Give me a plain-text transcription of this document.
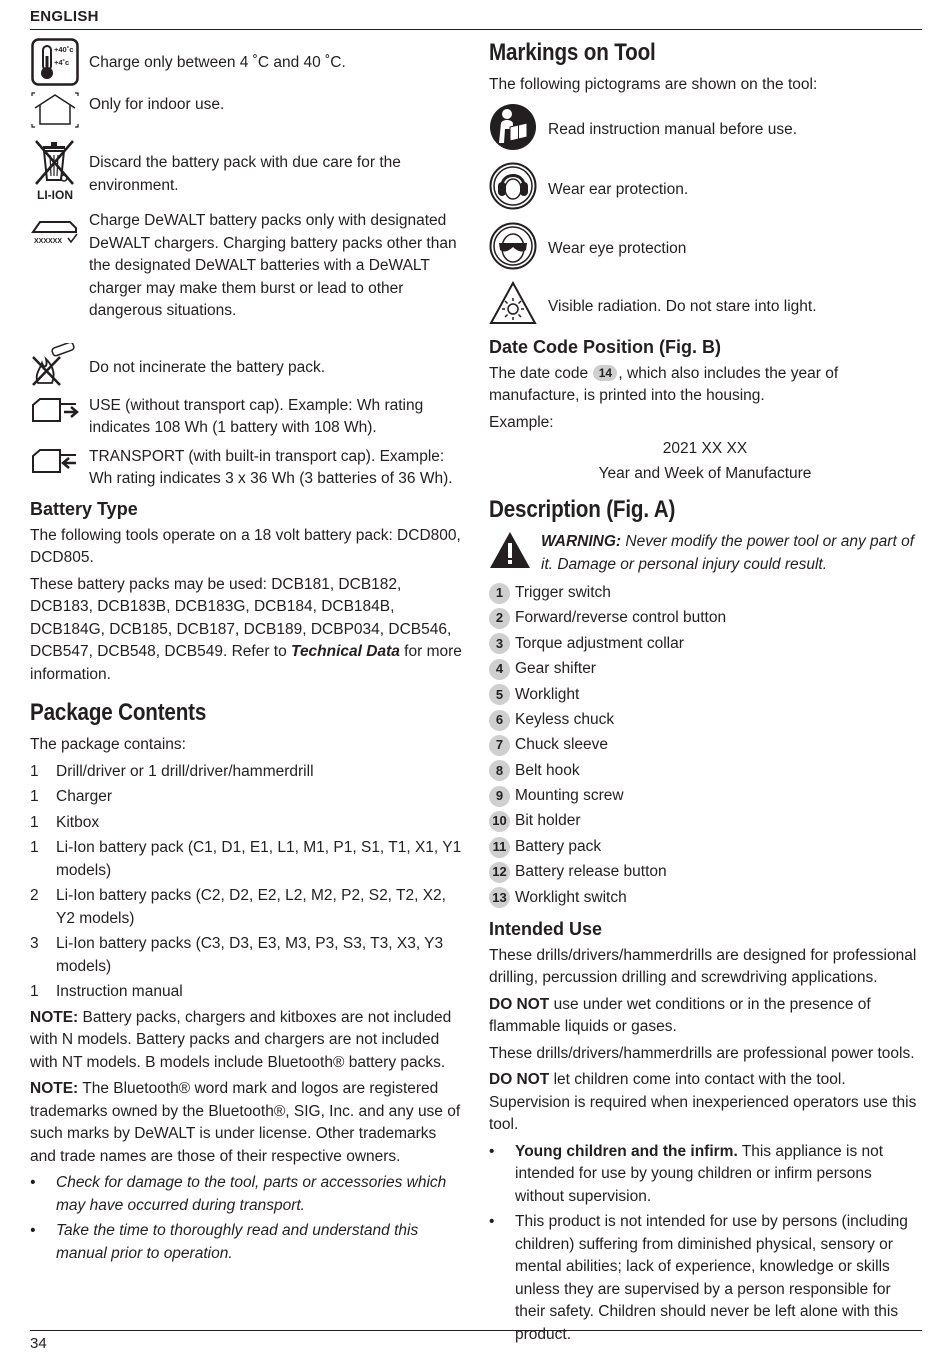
ENGLISH
+40˚c
+4˚c Charge only between 4 ˚C and 40 ˚C.
Only for indoor use.
LI-ION
Discard the battery pack with due care for the environment.
XXXXXX
Charge DeWALT battery packs only with designated DeWALT chargers. Charging battery packs other than the designated DeWALT batteries with a DeWALT charger may make them burst or lead to other dangerous situations.
Do not incinerate the battery pack.
USE (without transport cap). Example: Wh rating indicates 108 Wh (1 battery with 108 Wh).
TRANSPORT (with built-in transport cap). Example: Wh rating indicates 3 x 36 Wh (3 batteries of 36 Wh).
Battery Type

The following tools operate on a 18 volt battery pack: DCD800, DCD805.

These battery packs may be used: DCB181, DCB182, DCB183, DCB183B, DCB183G, DCB184, DCB184B, DCB184G, DCB185, DCB187, DCB189, DCBP034, DCB546, DCB547, DCB548, DCB549. Refer to Technical Data for more information.

Package Contents

The package contains:

1	Drill/driver or 1 drill/driver/hammerdrill
1	Charger
1	Kitbox
1	Li-Ion battery pack (C1, D1, E1, L1, M1, P1, S1, T1, X1, Y1 models)
2	Li-Ion battery packs (C2, D2, E2, L2, M2, P2, S2, T2, X2, Y2 models)
3	Li-Ion battery packs (C3, D3, E3, M3, P3, S3, T3, X3, Y3 models)
1	Instruction manual

NOTE: Battery packs, chargers and kitboxes are not included with N models. Battery packs and chargers are not included with NT models. B models include Bluetooth® battery packs.

NOTE: The Bluetooth® word mark and logos are registered trademarks owned by the Bluetooth®, SIG, Inc. and any use of such marks by DeWALT is under license. Other trademarks and trade names are those of their respective owners.

•	Check for damage to the tool, parts or accessories which may have occurred during transport.
•	Take the time to thoroughly read and understand this manual prior to operation.
Markings on Tool

The following pictograms are shown on the tool:

Read instruction manual before use.
Wear ear protection.
Wear eye protection
Visible radiation. Do not stare into light.
Date Code Position (Fig. B)

The date code 14 , which also includes the year of manufacture, is printed into the housing.

Example:

2021 XX XX

Year and Week of Manufacture

Description (Fig. A)
WARNING: Never modify the power tool or any part of it. Damage or personal injury could result.
1 Trigger switch
2 Forward/reverse control button
3 Torque adjustment collar
4 Gear shifter
5 Worklight
6 Keyless chuck
7 Chuck sleeve
8 Belt hook
9 Mounting screw
10 Bit holder
11 Battery pack
12 Battery release button
13 Worklight switch
Intended Use

These drills/drivers/hammerdrills are designed for professional drilling, percussion drilling and screwdriving applications.

DO NOT use under wet conditions or in the presence of flammable liquids or gases.

These drills/drivers/hammerdrills are professional power tools.

DO NOT let children come into contact with the tool. Supervision is required when inexperienced operators use this tool.

•	Young children and the infirm. This appliance is not intended for use by young children or infirm persons without supervision.
•	This product is not intended for use by persons (including children) suffering from diminished physical, sensory or mental abilities; lack of experience, knowledge or skills unless they are supervised by a person responsible for their safety. Children should never be left alone with this product.
34
